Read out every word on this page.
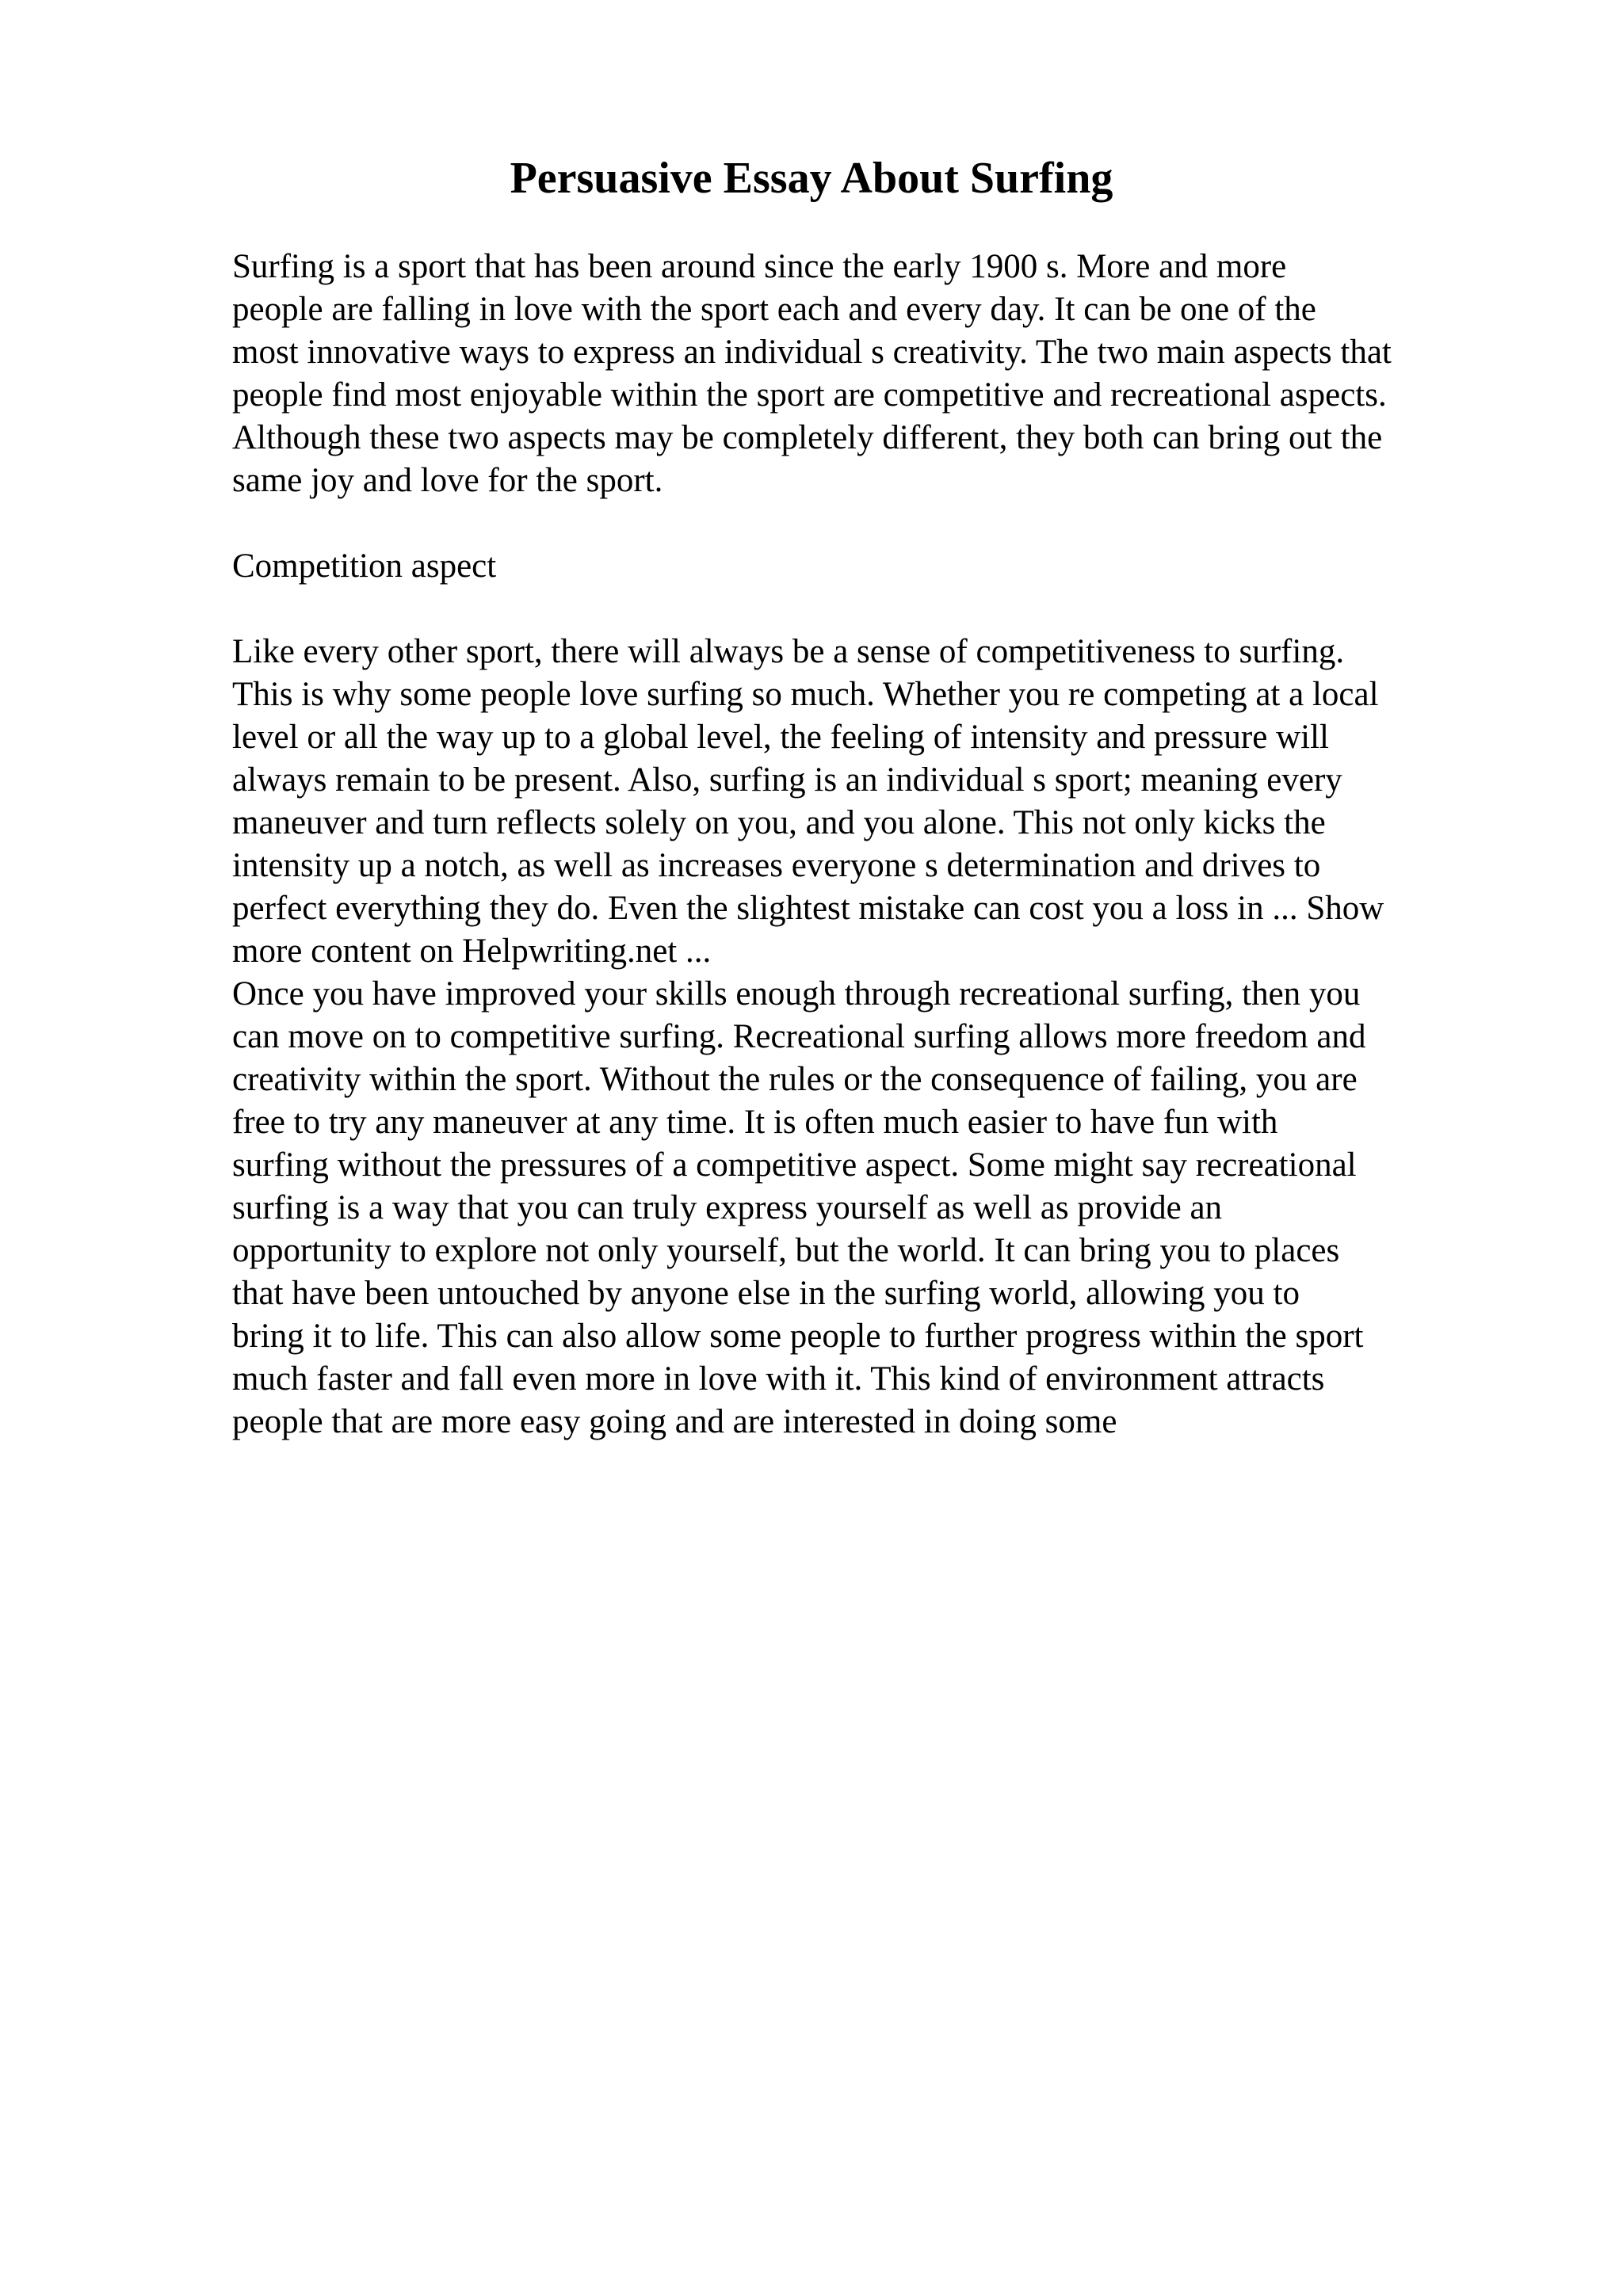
Persuasive Essay About Surfing
Surfing is a sport that has been around since the early 1900 s. More and more
people are falling in love with the sport each and every day. It can be one of the
most innovative ways to express an individual s creativity. The two main aspects that
people find most enjoyable within the sport are competitive and recreational aspects.
Although these two aspects may be completely different, they both can bring out the
same joy and love for the sport.
Competition aspect
Like every other sport, there will always be a sense of competitiveness to surfing.
This is why some people love surfing so much. Whether you re competing at a local
level or all the way up to a global level, the feeling of intensity and pressure will
always remain to be present. Also, surfing is an individual s sport; meaning every
maneuver and turn reflects solely on you, and you alone. This not only kicks the
intensity up a notch, as well as increases everyone s determination and drives to
perfect everything they do. Even the slightest mistake can cost you a loss in ... Show
more content on Helpwriting.net ...
Once you have improved your skills enough through recreational surfing, then you
can move on to competitive surfing. Recreational surfing allows more freedom and
creativity within the sport. Without the rules or the consequence of failing, you are
free to try any maneuver at any time. It is often much easier to have fun with
surfing without the pressures of a competitive aspect. Some might say recreational
surfing is a way that you can truly express yourself as well as provide an
opportunity to explore not only yourself, but the world. It can bring you to places
that have been untouched by anyone else in the surfing world, allowing you to
bring it to life. This can also allow some people to further progress within the sport
much faster and fall even more in love with it. This kind of environment attracts
people that are more easy going and are interested in doing some
